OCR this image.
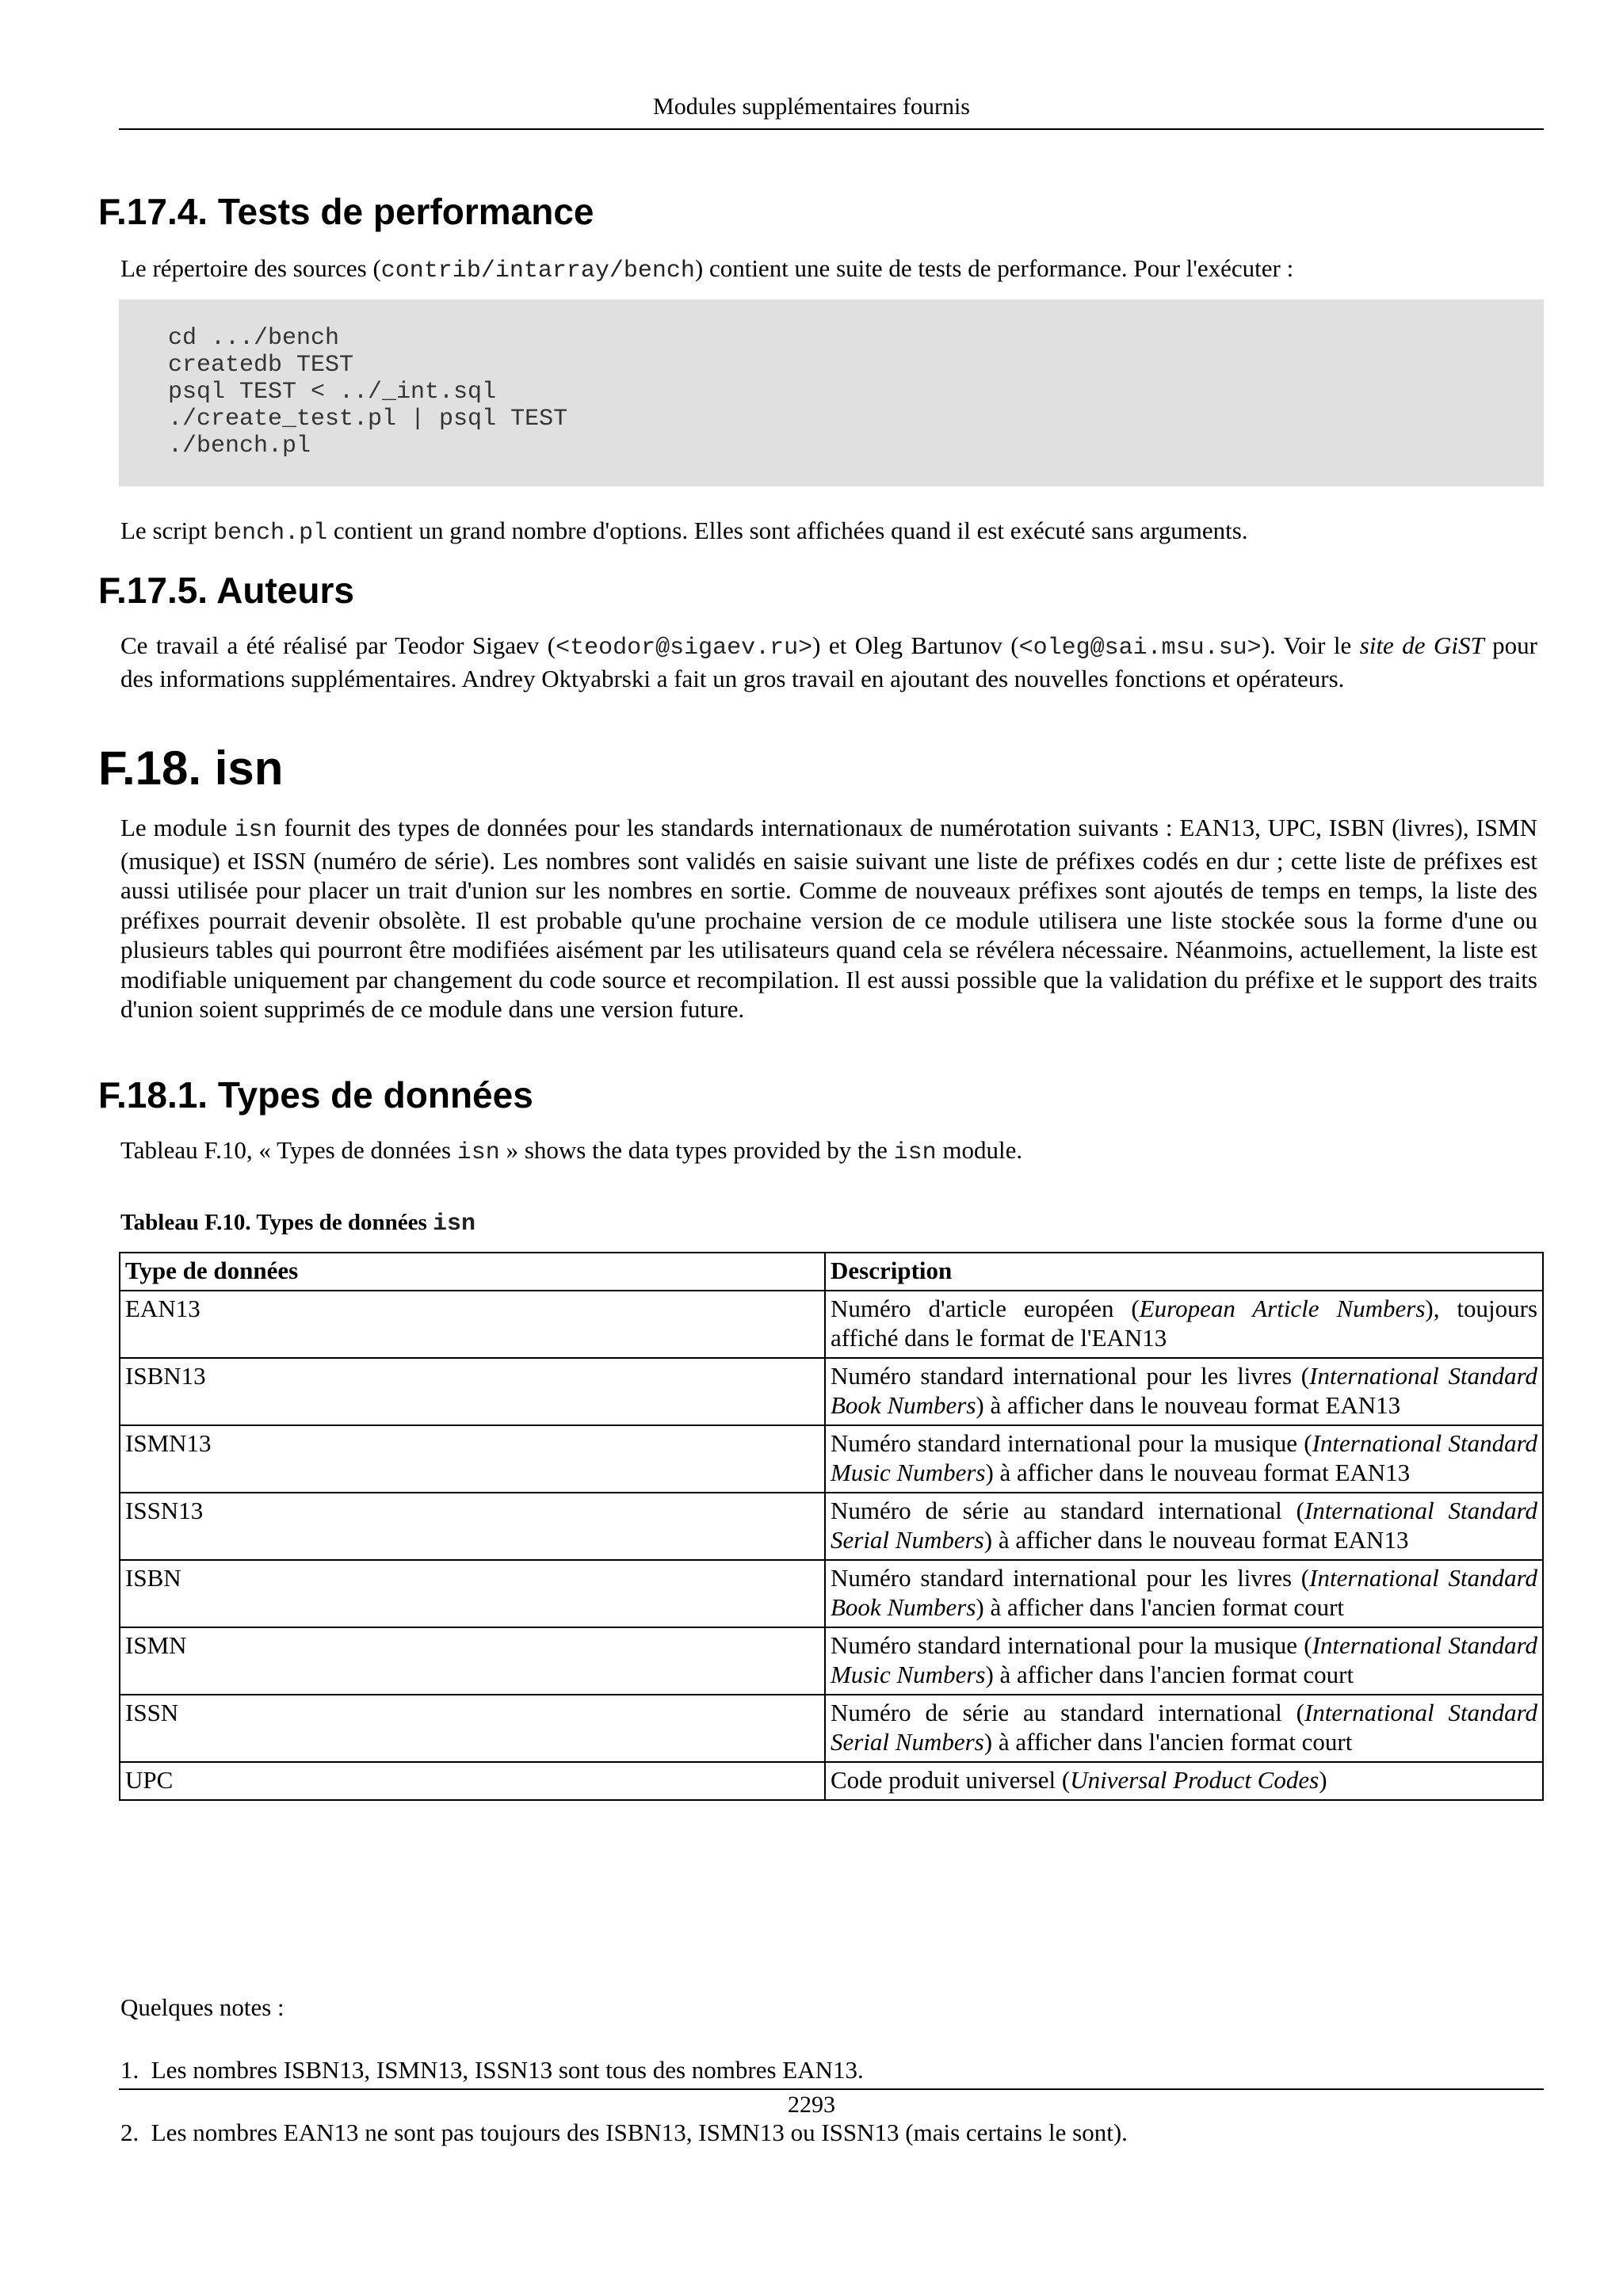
Modules supplémentaires fournis
F.17.4. Tests de performance
Le répertoire des sources (contrib/intarray/bench) contient une suite de tests de performance. Pour l'exécuter :
cd .../bench
createdb TEST
psql TEST < ../_int.sql
./create_test.pl | psql TEST
./bench.pl
Le script bench.pl contient un grand nombre d'options. Elles sont affichées quand il est exécuté sans arguments.
F.17.5. Auteurs
Ce travail a été réalisé par Teodor Sigaev (<teodor@sigaev.ru>) et Oleg Bartunov (<oleg@sai.msu.su>). Voir le site de GiST pour des informations supplémentaires. Andrey Oktyabrski a fait un gros travail en ajoutant des nouvelles fonctions et opérateurs.
F.18. isn
Le module isn fournit des types de données pour les standards internationaux de numérotation suivants : EAN13, UPC, ISBN (livres), ISMN (musique) et ISSN (numéro de série). Les nombres sont validés en saisie suivant une liste de préfixes codés en dur ; cette liste de préfixes est aussi utilisée pour placer un trait d'union sur les nombres en sortie. Comme de nouveaux préfixes sont ajoutés de temps en temps, la liste des préfixes pourrait devenir obsolète. Il est probable qu'une prochaine version de ce module utilisera une liste stockée sous la forme d'une ou plusieurs tables qui pourront être modifiées aisément par les utilisateurs quand cela se révélera nécessaire. Néanmoins, actuellement, la liste est modifiable uniquement par changement du code source et recompilation. Il est aussi possible que la validation du préfixe et le support des traits d'union soient supprimés de ce module dans une version future.
F.18.1. Types de données
Tableau F.10, « Types de données isn » shows the data types provided by the isn module.
Tableau F.10. Types de données isn
Type de données	Description
EAN13	Numéro d'article européen (European Article Numbers), toujours affiché dans le format de l'EAN13
ISBN13	Numéro standard international pour les livres (International Standard Book Numbers) à afficher dans le nouveau format EAN13
ISMN13	Numéro standard international pour la musique (International Standard Music Numbers) à afficher dans le nouveau format EAN13
ISSN13	Numéro de série au standard international (International Standard Serial Numbers) à afficher dans le nouveau format EAN13
ISBN	Numéro standard international pour les livres (International Standard Book Numbers) à afficher dans l'ancien format court
ISMN	Numéro standard international pour la musique (International Standard Music Numbers) à afficher dans l'ancien format court
ISSN	Numéro de série au standard international (International Standard Serial Numbers) à afficher dans l'ancien format court
UPC	Code produit universel (Universal Product Codes)
Quelques notes :
1. Les nombres ISBN13, ISMN13, ISSN13 sont tous des nombres EAN13.
2. Les nombres EAN13 ne sont pas toujours des ISBN13, ISMN13 ou ISSN13 (mais certains le sont).
2293
